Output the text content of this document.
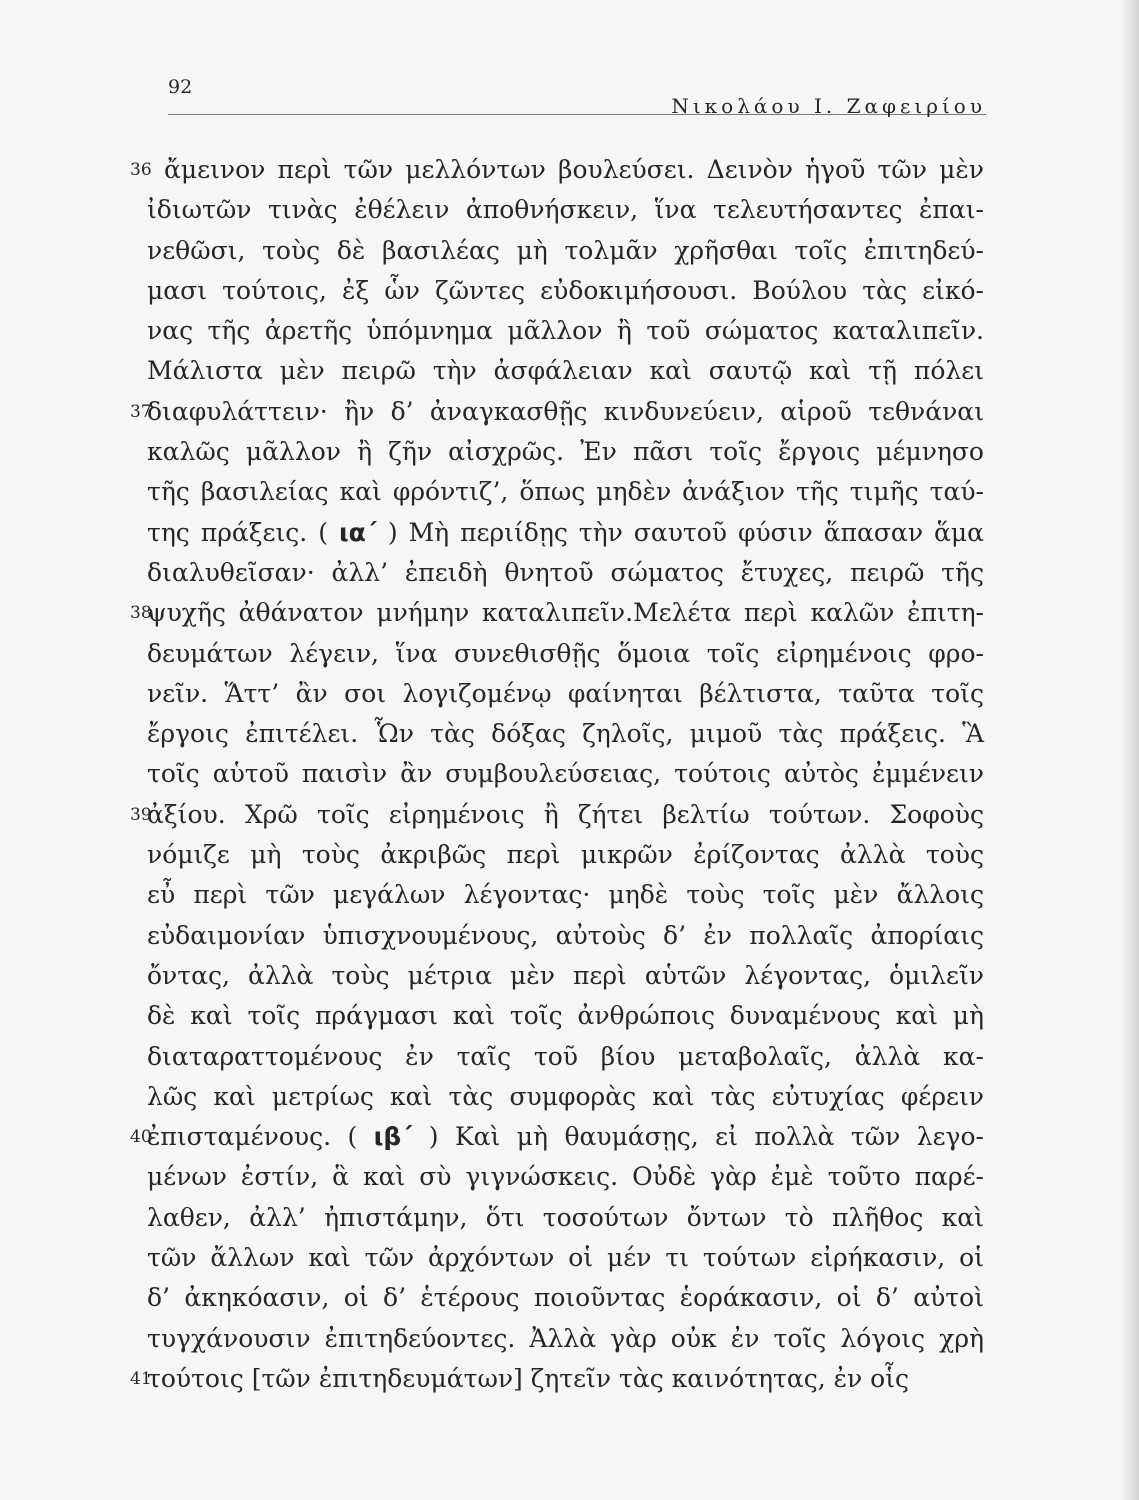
92
Νικολάου Ι. Ζαφειρίου
36 ἄμεινον περὶ τῶν μελλόντων βουλεύσει. Δεινὸν ἡγοῦ τῶν μὲν
ἰδιωτῶν τινὰς ἐθέλειν ἀποθνήσκειν, ἵνα τελευτήσαντες ἐπαι-
νεθῶσι, τοὺς δὲ βασιλέας μὴ τολμᾶν χρῆσθαι τοῖς ἐπιτηδεύ-
μασι τούτοις, ἐξ ὧν ζῶντες εὐδοκιμήσουσι. Βούλου τὰς εἰκό-
νας τῆς ἀρετῆς ὑπόμνημα μᾶλλον ἢ τοῦ σώματος καταλιπεῖν.
Μάλιστα μὲν πειρῶ τὴν ἀσφάλειαν καὶ σαυτῷ καὶ τῇ πόλει
37
διαφυλάττειν· ἢν δ’ ἀναγκασθῇς κινδυνεύειν, αἱροῦ τεθνάναι
καλῶς μᾶλλον ἢ ζῆν αἰσχρῶς. Ἐν πᾶσι τοῖς ἔργοις μέμνησο
τῆς βασιλείας καὶ φρόντιζ’, ὅπως μηδὲν ἀνάξιον τῆς τιμῆς ταύ-
της πράξεις. ( ια΄ ) Μὴ περιίδῃς τὴν σαυτοῦ φύσιν ἅπασαν ἅμα
διαλυθεῖσαν· ἀλλ’ ἐπειδὴ θνητοῦ σώματος ἔτυχες, πειρῶ τῆς
38
ψυχῆς ἀθάνατον μνήμην καταλιπεῖν.Μελέτα περὶ καλῶν ἐπιτη-
δευμάτων λέγειν, ἵνα συνεθισθῇς ὅμοια τοῖς εἰρημένοις φρο-
νεῖν. Ἅττ’ ἂν σοι λογιζομένῳ φαίνηται βέλτιστα, ταῦτα τοῖς
ἔργοις ἐπιτέλει. Ὧν τὰς δόξας ζηλοῖς, μιμοῦ τὰς πράξεις. Ἃ
τοῖς αὑτοῦ παισὶν ἂν συμβουλεύσειας, τούτοις αὐτὸς ἐμμένειν
39
ἀξίου. Χρῶ τοῖς εἰρημένοις ἢ ζήτει βελτίω τούτων. Σοφοὺς
νόμιζε μὴ τοὺς ἀκριβῶς περὶ μικρῶν ἐρίζοντας ἀλλὰ τοὺς
εὖ περὶ τῶν μεγάλων λέγοντας· μηδὲ τοὺς τοῖς μὲν ἄλλοις
εὐδαιμονίαν ὑπισχνουμένους, αὐτοὺς δ’ ἐν πολλαῖς ἀπορίαις
ὄντας, ἀλλὰ τοὺς μέτρια μὲν περὶ αὑτῶν λέγοντας, ὁμιλεῖν
δὲ καὶ τοῖς πράγμασι καὶ τοῖς ἀνθρώποις δυναμένους καὶ μὴ
διαταραττομένους ἐν ταῖς τοῦ βίου μεταβολαῖς, ἀλλὰ κα-
λῶς καὶ μετρίως καὶ τὰς συμφορὰς καὶ τὰς εὐτυχίας φέρειν
40
ἐπισταμένους. ( ιβ΄ ) Καὶ μὴ θαυμάσῃς, εἰ πολλὰ τῶν λεγο-
μένων ἐστίν, ἃ καὶ σὺ γιγνώσκεις. Οὐδὲ γὰρ ἐμὲ τοῦτο παρέ-
λαθεν, ἀλλ’ ἠπιστάμην, ὅτι τοσούτων ὄντων τὸ πλῆθος καὶ
τῶν ἄλλων καὶ τῶν ἀρχόντων οἱ μέν τι τούτων εἰρήκασιν, οἱ
δ’ ἀκηκόασιν, οἱ δ’ ἑτέρους ποιοῦντας ἑοράκασιν, οἱ δ’ αὐτοὶ
τυγχάνουσιν ἐπιτηδεύοντες. Ἀλλὰ γὰρ οὐκ ἐν τοῖς λόγοις χρὴ
41
τούτοις [τῶν ἐπιτηδευμάτων] ζητεῖν τὰς καινότητας, ἐν οἷς
